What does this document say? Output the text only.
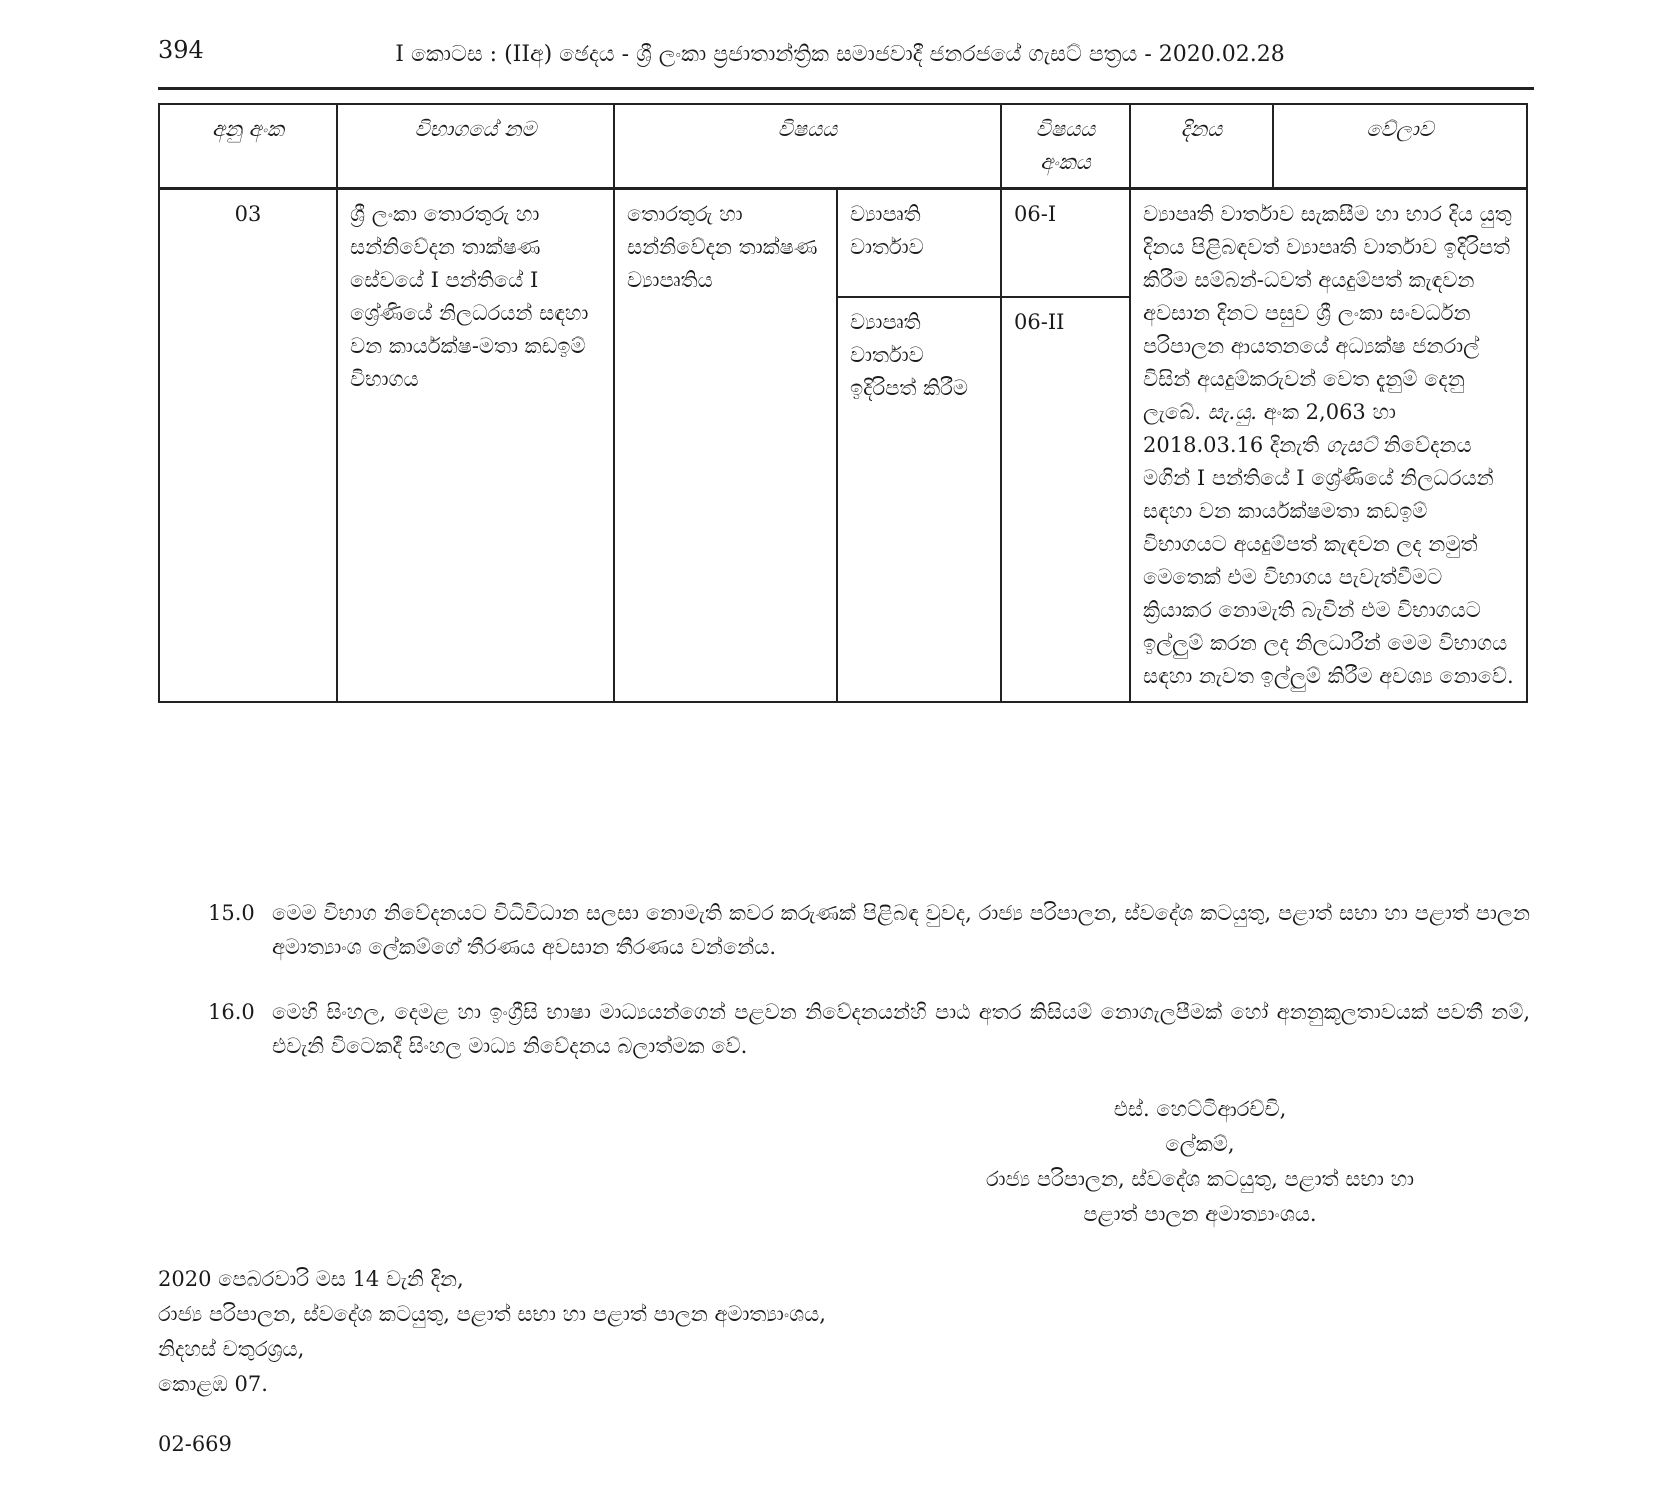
394	I කොටස : (IIඅ) ඡෙදය - ශ්‍රී ලංකා ප්‍රජාතාන්ත්‍රික සමාජවාදී ජනරජයේ ගැසට් පත්‍රය - 2020.02.28
අනු අංක	විභාගයේ නම	විෂයය		විෂයය අංකය	දිනය	වේලාව
03	ශ්‍රී ලංකා තොරතුරු හා සන්නිවේදන තාක්ෂණ සේවයේ I පන්තියේ I ශ්‍රේණියේ නිලධරයන් සඳහා වන කාර්යක්ෂ-මතා කඩඉම් විභාගය	තොරතුරු හා සන්නිවේදන තාක්ෂණ ව්‍යාපෘතිය	ව්‍යාපෘති වාර්තාව	06-I	ව්‍යාපෘති වාර්තාව සැකසීම හා භාර දිය යුතු දිනය පිළිබඳවත් ව්‍යාපෘති වාර්තාව ඉදිරිපත් කිරීම සම්බන්-ධවත් අයදුම්පත් කැඳවන අවසාන දිනට පසුව ශ්‍රී ලංකා සංවර්ධන පරිපාලන ආයතනයේ අධ්‍යක්ෂ ජනරාල් විසින් අයදුම්කරුවන් වෙත දැනුම් දෙනු ලැබේ. සැ.යු. අංක 2,063 හා 2018.03.16 දිනැති ගැසට් නිවේදනය මගින් I පන්තියේ I ශ්‍රේණියේ නිලධරයන් සඳහා වන කාර්යක්ෂමතා කඩඉම් විභාගයට අයදුම්පත් කැඳවන ලද නමුත් මෙතෙක් එම විභාගය පැවැත්වීමට ක්‍රියාකර නොමැති බැවින් එම විභාගයට ඉල්ලුම් කරන ලද නිලධාරීන් මෙම විභාගය සඳහා නැවත ඉල්ලුම් කිරීම අවශ්‍ය නොවේ.	
			ව්‍යාපෘති වාර්තාව ඉදිරිපත් කිරීම	06-II		
15.0 මෙම විභාග නිවේදනයට විධිවිධාන සලසා නොමැති කවර කරුණක් පිළිබඳ වුවද, රාජ්‍ය පරිපාලන, ස්වදේශ කටයුතු, පළාත් සභා හා පළාත් පාලන අමාත්‍යාංශ ලේකම්ගේ තීරණය අවසාන තීරණය වන්නේය.
16.0 මෙහි සිංහල, දෙමළ හා ඉංග්‍රීසි භාෂා මාධ්‍යයන්ගෙන් පළවන නිවේදනයන්හි පාඨ අතර කිසියම් නොගැලපීමක් හෝ අනනුකූලතාවයක් පවතී නම්, එවැනි විටෙකදී සිංහල මාධ්‍ය නිවේදනය බලාත්මක වේ.
එස්. හෙට්ටිආරච්චි,
ලේකම්,
රාජ්‍ය පරිපාලන, ස්වදේශ කටයුතු, පළාත් සභා හා
පළාත් පාලන අමාත්‍යාංශය.
2020 පෙබරවාරි මස 14 වැනි දින,
රාජ්‍ය පරිපාලන, ස්වදේශ කටයුතු, පළාත් සභා හා පළාත් පාලන අමාත්‍යාංශය,
නිදහස් චතුරශ්‍රය,
කොළඹ 07.
02-669
